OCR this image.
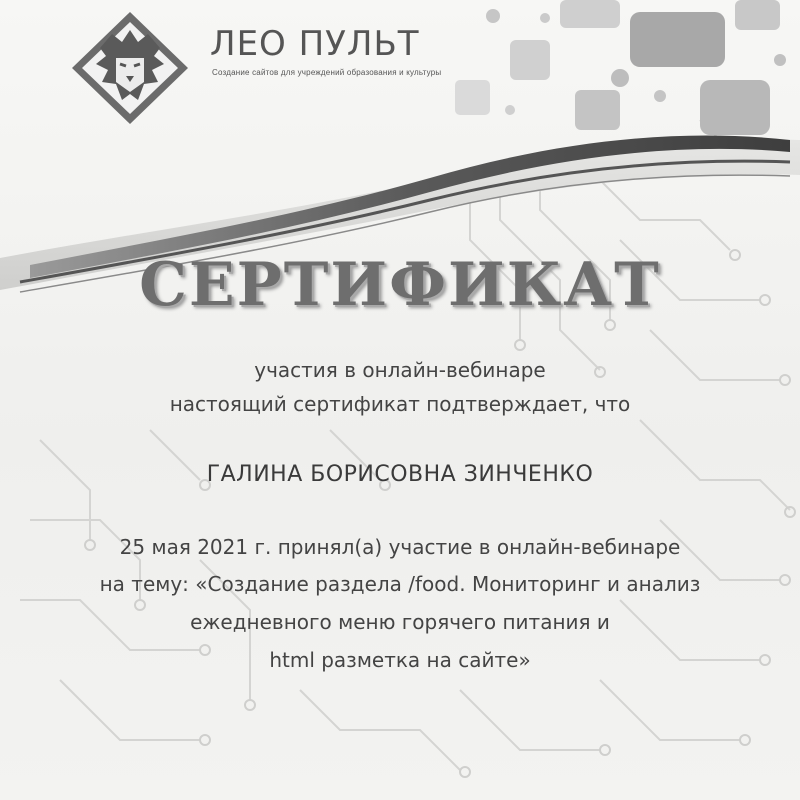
ЛЕО ПУЛЬТ
Создание сайтов для учреждений образования и культуры
СЕРТИФИКАТ
участия в онлайн-вебинаре
настоящий сертификат подтверждает, что
ГАЛИНА БОРИСОВНА ЗИНЧЕНКО
25 мая 2021 г. принял(а) участие в онлайн-вебинаре
на тему: «Создание раздела /food. Мониторинг и анализ
ежедневного меню горячего питания и
html разметка на сайте»
